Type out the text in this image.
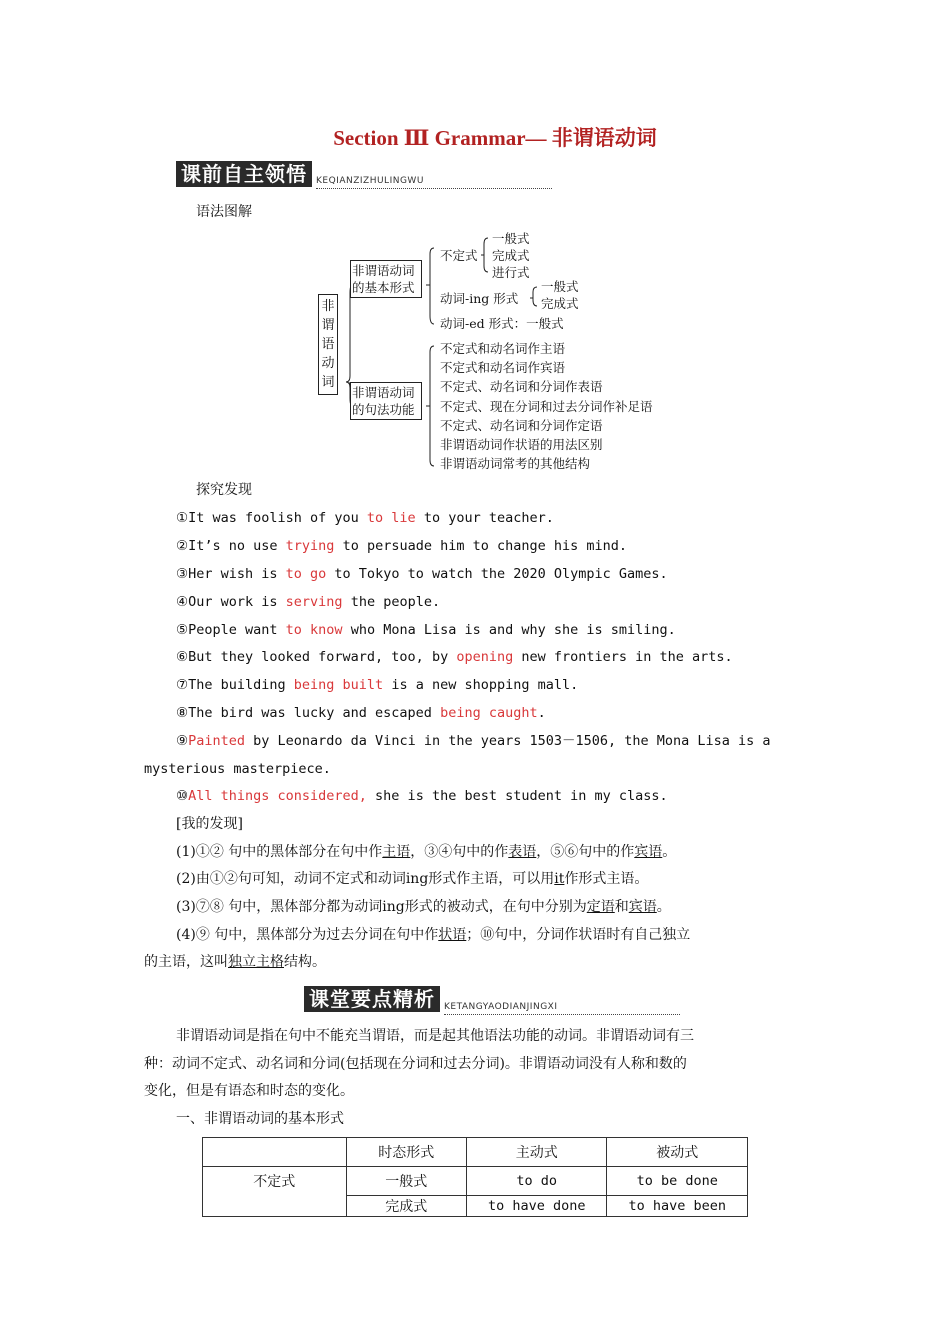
Section Ⅲ Grammar— 非谓语动词
课前自主领悟	KEQIANZIZHULINGWU
语法图解
非谓语动词
非谓语动词的基本形式
非谓语动词的句法功能
不定式
一般式
完成式
进行式
动词-ing 形式
一般式
完成式
动词-ed 形式：一般式
不定式和动名词作主语
不定式和动名词作宾语
不定式、动名词和分词作表语
不定式、现在分词和过去分词作补足语
不定式、动名词和分词作定语
非谓语动词作状语的用法区别
非谓语动词常考的其他结构
探究发现
①It was foolish of you to lie to your teacher.
②It’s no use trying to persuade him to change his mind.
③Her wish is to go to Tokyo to watch the 2020 Olympic Games.
④Our work is serving the people.
⑤People want to know who Mona Lisa is and why she is smiling.
⑥But they looked forward, too, by opening new frontiers in the arts.
⑦The building being built is a new shopping mall.
⑧The bird was lucky and escaped being caught.
⑨Painted by Leonardo da Vinci in the years 1503－1506, the Mona Lisa is a
mysterious masterpiece.
⑩All things considered, she is the best student in my class.
[我的发现]
(1)①② 句中的黑体部分在句中作主语，③④句中的作表语，⑤⑥句中的作宾语。
(2)由①②句可知，动词不定式和动词ing形式作主语，可以用it作形式主语。
(3)⑦⑧ 句中，黑体部分都为动词ing形式的被动式，在句中分别为定语和宾语。
(4)⑨ 句中，黑体部分为过去分词在句中作状语；⑩句中，分词作状语时有自己独立
的主语，这叫独立主格结构。
课堂要点精析	KETANGYAODIANJINGXI
非谓语动词是指在句中不能充当谓语，而是起其他语法功能的动词。非谓语动词有三
种：动词不定式、动名词和分词(包括现在分词和过去分词)。非谓语动词没有人称和数的
变化，但是有语态和时态的变化。
一、非谓语动词的基本形式
	时态形式	主动式	被动式
不定式	一般式	to do	to be done
	完成式	to have done	to have been
